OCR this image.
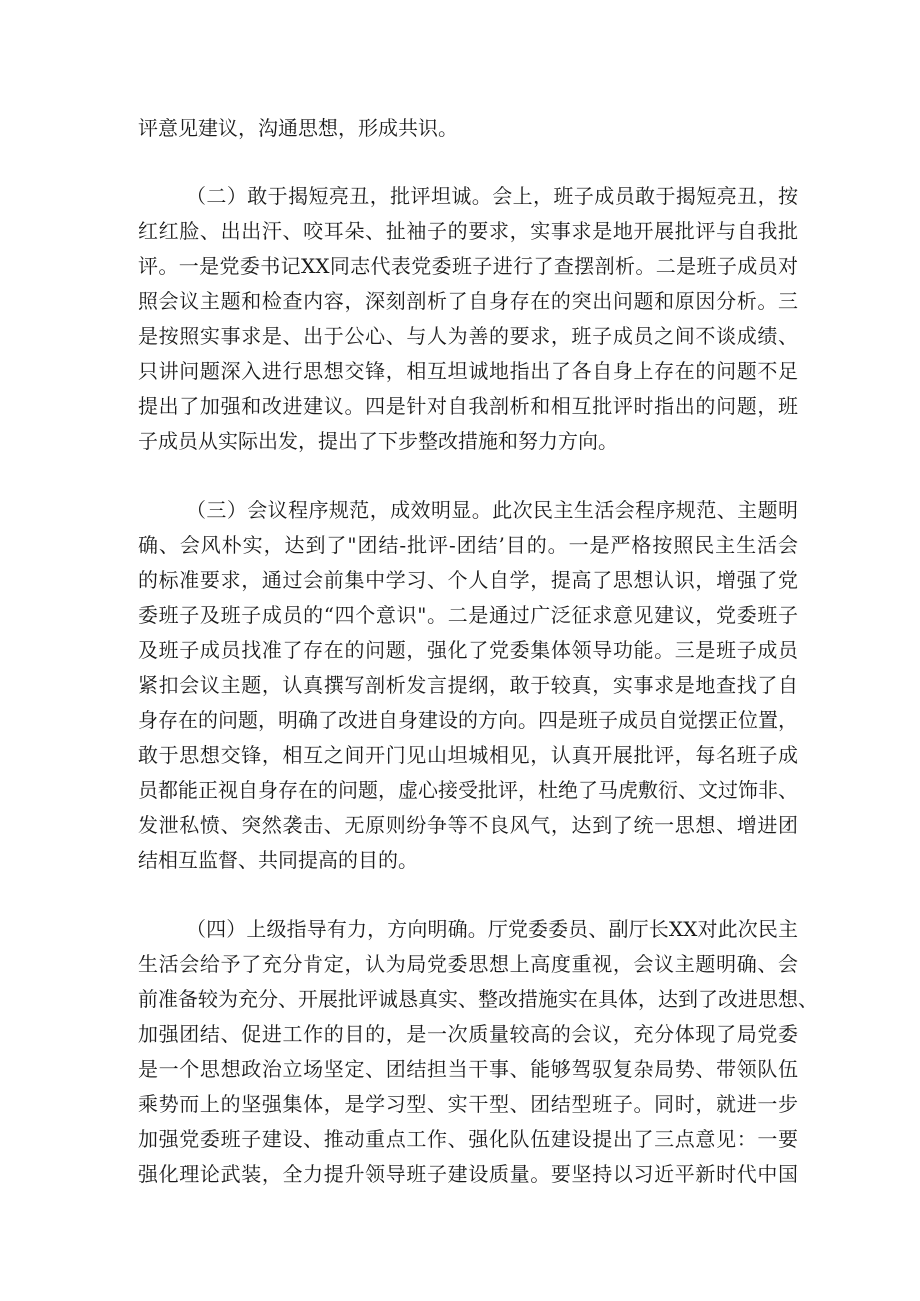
评意见建议，沟通思想，形成共识。
（二）敢于揭短亮丑，批评坦诚。会上，班子成员敢于揭短亮丑，按
红红脸、出出汗、咬耳朵、扯袖子的要求，实事求是地开展批评与自我批
评。一是党委书记XX同志代表党委班子进行了查摆剖析。二是班子成员对
照会议主题和检查内容，深刻剖析了自身存在的突出问题和原因分析。三
是按照实事求是、出于公心、与人为善的要求，班子成员之间不谈成绩、
只讲问题深入进行思想交锋，相互坦诚地指出了各自身上存在的问题不足
提出了加强和改进建议。四是针对自我剖析和相互批评时指出的问题，班
子成员从实际出发，提出了下步整改措施和努力方向。
（三）会议程序规范，成效明显。此次民主生活会程序规范、主题明
确、会风朴实，达到了"团结-批评-团结’目的。一是严格按照民主生活会
的标准要求，通过会前集中学习、个人自学，提高了思想认识，增强了党
委班子及班子成员的“四个意识"。二是通过广泛征求意见建议，党委班子
及班子成员找准了存在的问题，强化了党委集体领导功能。三是班子成员
紧扣会议主题，认真撰写剖析发言提纲，敢于较真，实事求是地查找了自
身存在的问题，明确了改进自身建设的方向。四是班子成员自觉摆正位置，
敢于思想交锋，相互之间开门见山坦城相见，认真开展批评，每名班子成
员都能正视自身存在的问题，虚心接受批评，杜绝了马虎敷衍、文过饰非、
发泄私愤、突然袭击、无原则纷争等不良风气，达到了统一思想、增进团
结相互监督、共同提高的目的。
（四）上级指导有力，方向明确。厅党委委员、副厅长XX对此次民主
生活会给予了充分肯定，认为局党委思想上高度重视，会议主题明确、会
前准备较为充分、开展批评诚恳真实、整改措施实在具体，达到了改进思想、
加强团结、促进工作的目的，是一次质量较高的会议，充分体现了局党委
是一个思想政治立场坚定、团结担当干事、能够驾驭复杂局势、带领队伍
乘势而上的坚强集体，是学习型、实干型、团结型班子。同时，就进一步
加强党委班子建设、推动重点工作、强化队伍建设提出了三点意见：一要
强化理论武装，全力提升领导班子建设质量。要坚持以习近平新时代中国
